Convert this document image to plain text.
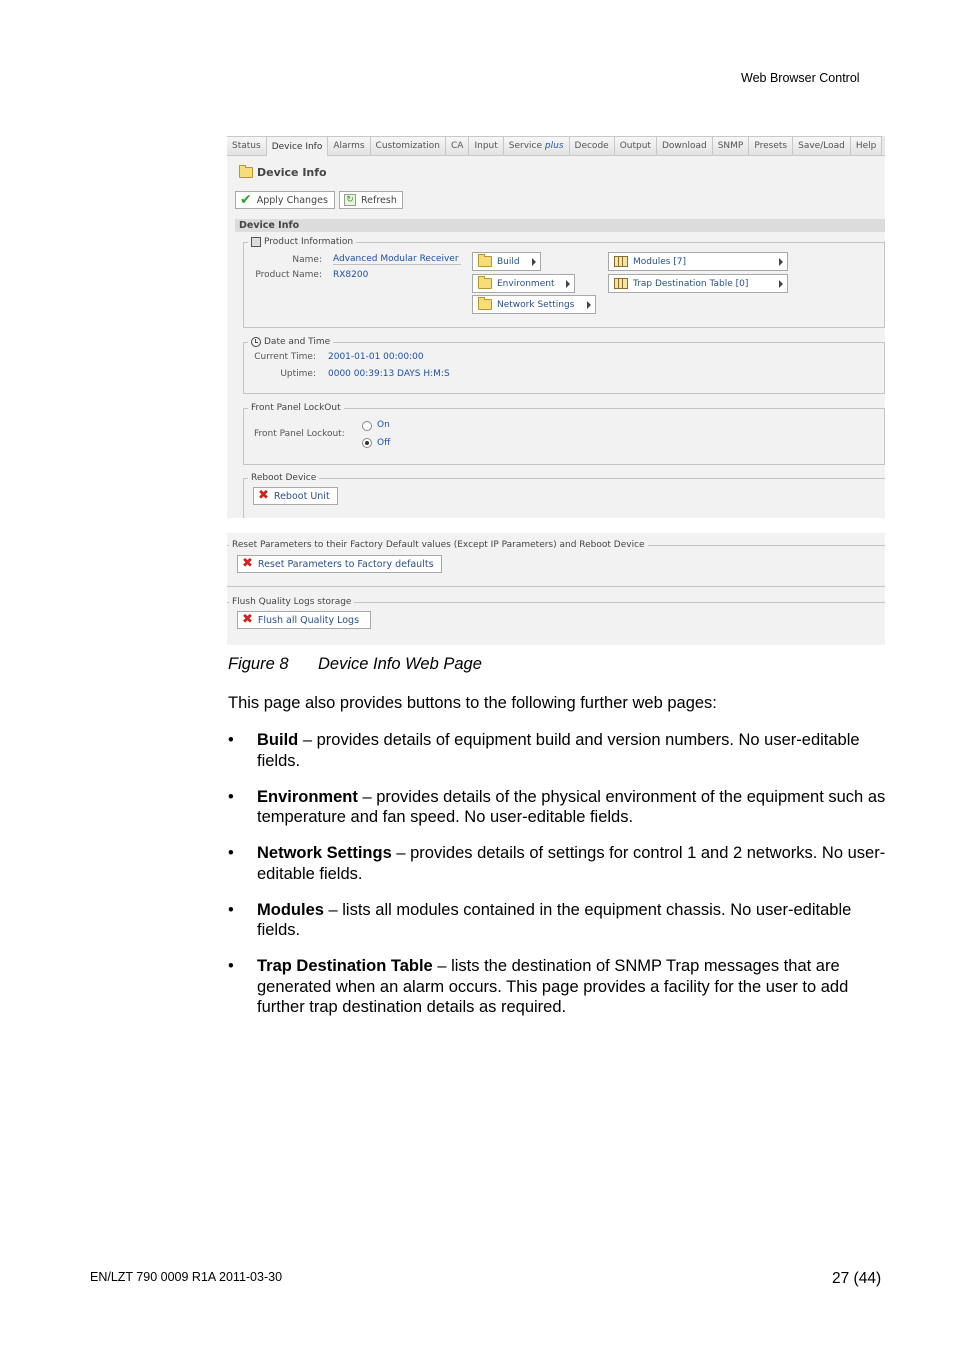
Web Browser Control
Status	Device Info	Alarms	Customization	CA	Input	Service plus	Decode	Output	Download	SNMP	Presets	Save/Load	Help
Device Info
✔ Apply Changes ↻ Refresh
Device Info
Product Information
Name: Advanced Modular Receiver
Product Name: RX8200
Build
Environment
Network Settings
Modules [7]
Trap Destination Table [0]
Date and Time
Current Time: 2001-01-01 00:00:00
Uptime: 0000 00:39:13 DAYS H:M:S
Front Panel LockOut
Front Panel Lockout:
On
Off
Reboot Device
✖ Reboot Unit
Reset Parameters to their Factory Default values (Except IP Parameters) and Reboot Device
✖ Reset Parameters to Factory defaults
Flush Quality Logs storage
✖ Flush all Quality Logs
Figure 8 Device Info Web Page
This page also provides buttons to the following further web pages:
• Build – provides details of equipment build and version numbers. No user-editable fields.
• Environment – provides details of the physical environment of the equipment such as temperature and fan speed. No user-editable fields.
• Network Settings – provides details of settings for control 1 and 2 networks. No user-editable fields.
• Modules – lists all modules contained in the equipment chassis. No user-editable fields.
• Trap Destination Table – lists the destination of SNMP Trap messages that are generated when an alarm occurs. This page provides a facility for the user to add further trap destination details as required.
EN/LZT 790 0009 R1A 2011-03-30	27 (44)
